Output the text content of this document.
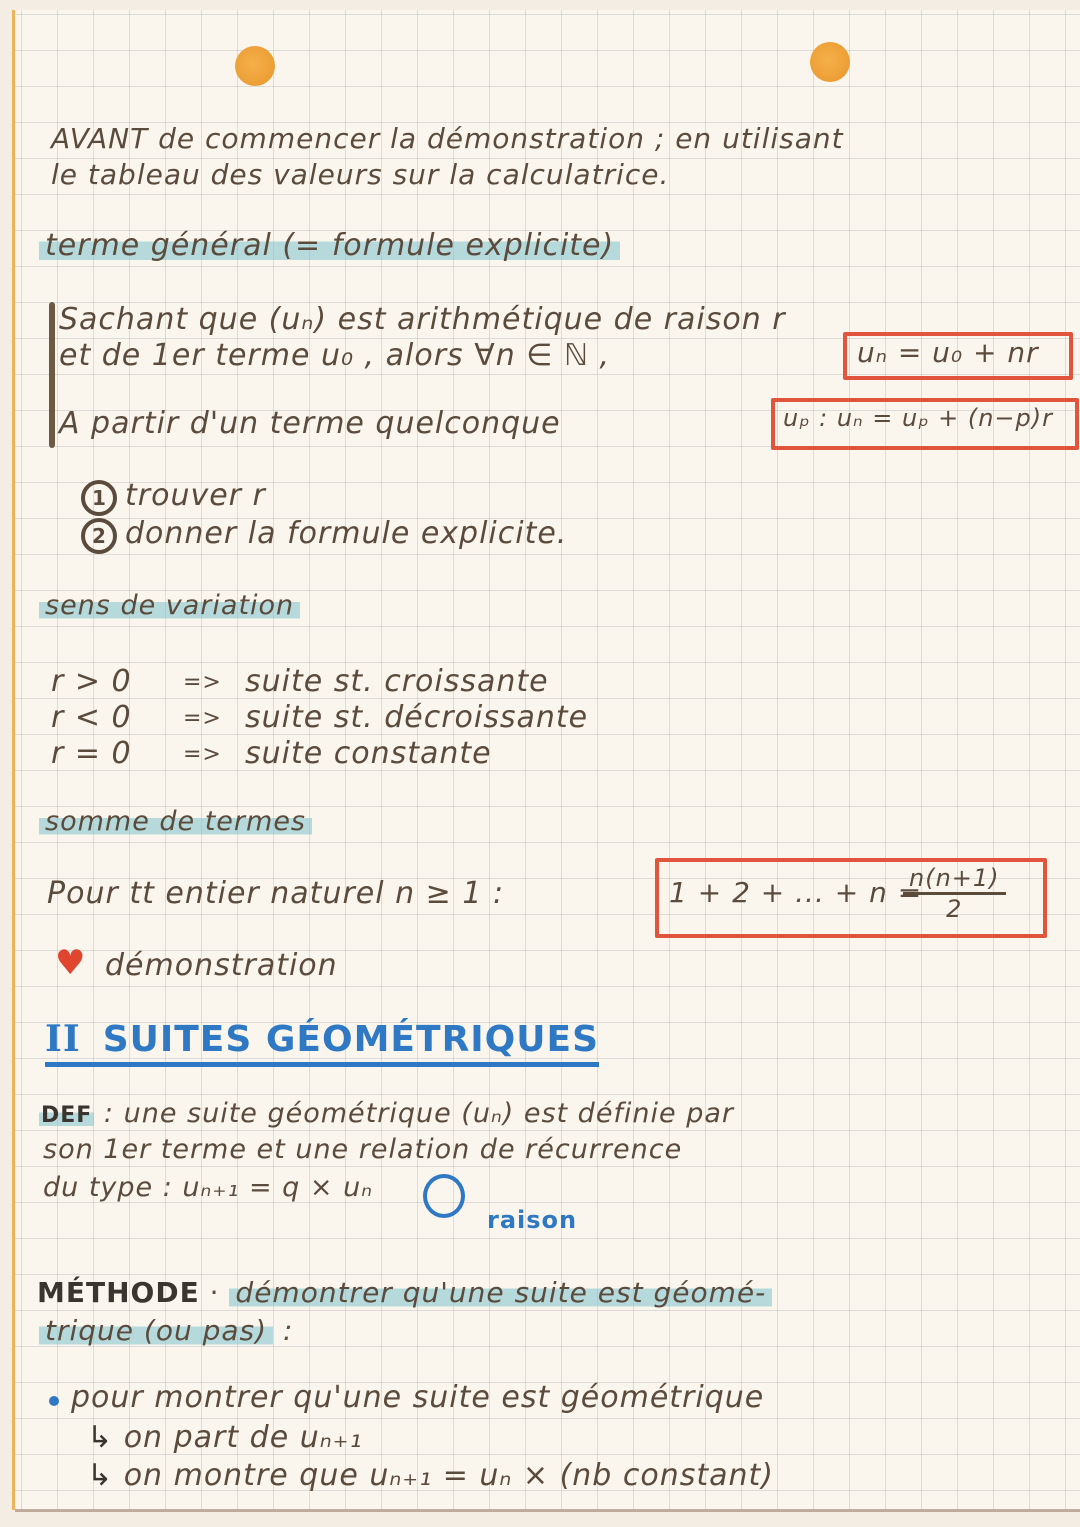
AVANT de commencer la démonstration ; en utilisant
le tableau des valeurs sur la calculatrice.
terme général (= formule explicite)
Sachant que (uₙ) est arithmétique de raison r
et de 1er terme u₀ , alors ∀n ∈ ℕ ,	uₙ = u₀ + nr
A partir d'un terme quelconque	uₚ : uₙ = uₚ + (n−p)r
1 trouver r
2 donner la formule explicite.
sens de variation
r > 0 => suite st. croissante
r < 0 => suite st. décroissante
r = 0 => suite constante
somme de termes
Pour tt entier naturel n ≥ 1 :	1 + 2 + ... + n =
$\frac{n(n+1)}{2}$
♥ démonstration
II SUITES GÉOMÉTRIQUES
DEF : une suite géométrique (uₙ) est définie par
son 1er terme et une relation de récurrence
du type : uₙ₊₁ = q × uₙ
raison
MÉTHODE · démontrer qu'une suite est géomé-
trique (ou pas) :
pour montrer qu'une suite est géométrique
↳ on part de uₙ₊₁
↳ on montre que uₙ₊₁ = uₙ × (nb constant)
